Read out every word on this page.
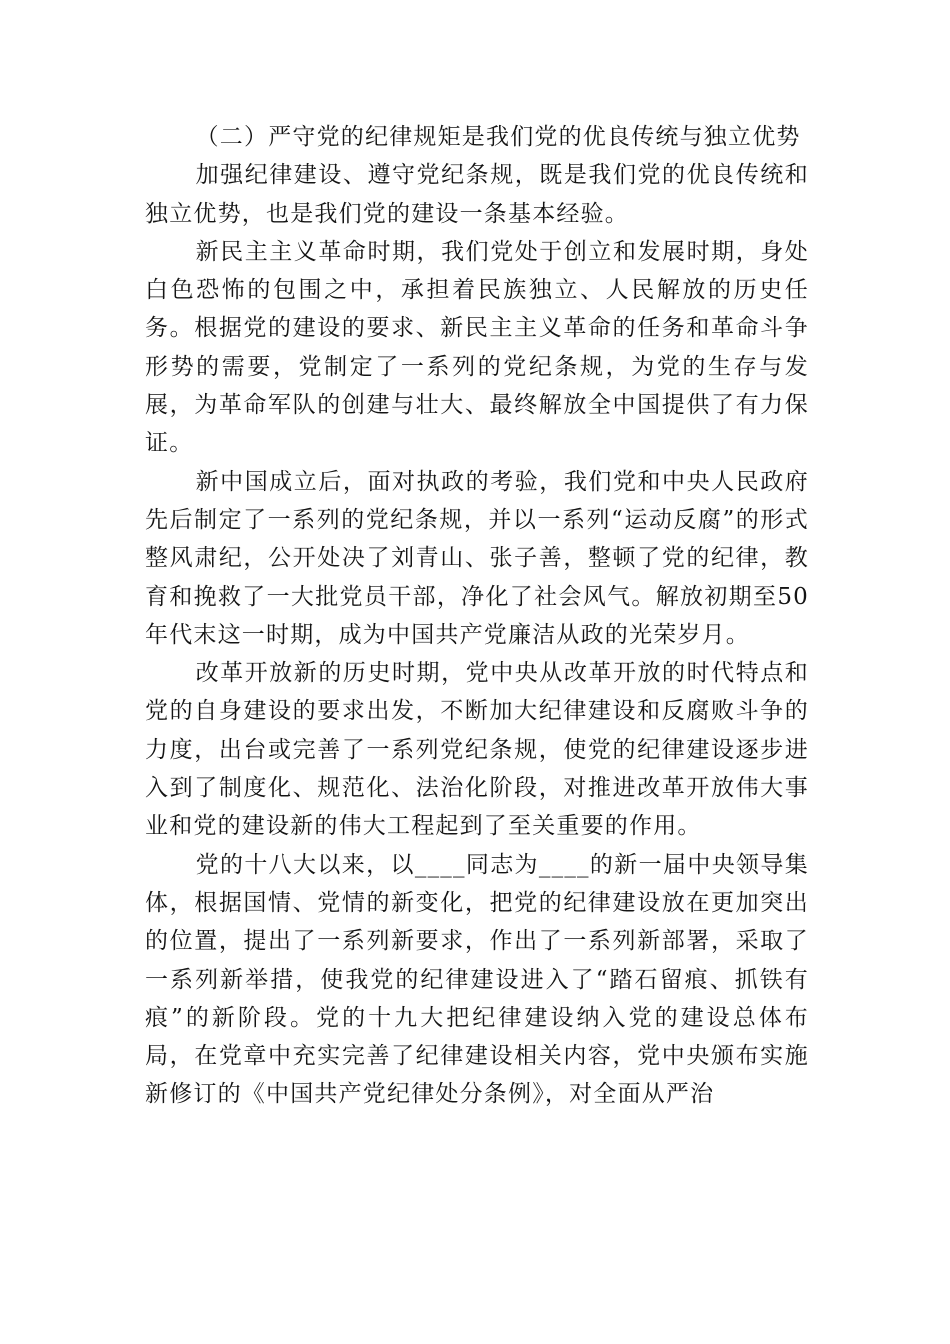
（二）严守党的纪律规矩是我们党的优良传统与独立优势

加强纪律建设、遵守党纪条规，既是我们党的优良传统和独立优势，也是我们党的建设一条基本经验。

新民主主义革命时期，我们党处于创立和发展时期，身处白色恐怖的包围之中，承担着民族独立、人民解放的历史任务。根据党的建设的要求、新民主主义革命的任务和革命斗争形势的需要，党制定了一系列的党纪条规，为党的生存与发展，为革命军队的创建与壮大、最终解放全中国提供了有力保证。

新中国成立后，面对执政的考验，我们党和中央人民政府先后制定了一系列的党纪条规，并以一系列“运动反腐”的形式整风肃纪，公开处决了刘青山、张子善，整顿了党的纪律，教育和挽救了一大批党员干部，净化了社会风气。解放初期至50年代末这一时期，成为中国共产党廉洁从政的光荣岁月。

改革开放新的历史时期，党中央从改革开放的时代特点和党的自身建设的要求出发，不断加大纪律建设和反腐败斗争的力度，出台或完善了一系列党纪条规，使党的纪律建设逐步进入到了制度化、规范化、法治化阶段，对推进改革开放伟大事业和党的建设新的伟大工程起到了至关重要的作用。

党的十八大以来，以____同志为____的新一届中央领导集体，根据国情、党情的新变化，把党的纪律建设放在更加突出的位置，提出了一系列新要求，作出了一系列新部署，采取了一系列新举措，使我党的纪律建设进入了“踏石留痕、抓铁有痕”的新阶段。党的十九大把纪律建设纳入党的建设总体布局，在党章中充实完善了纪律建设相关内容，党中央颁布实施新修订的《中国共产党纪律处分条例》，对全面从严治
